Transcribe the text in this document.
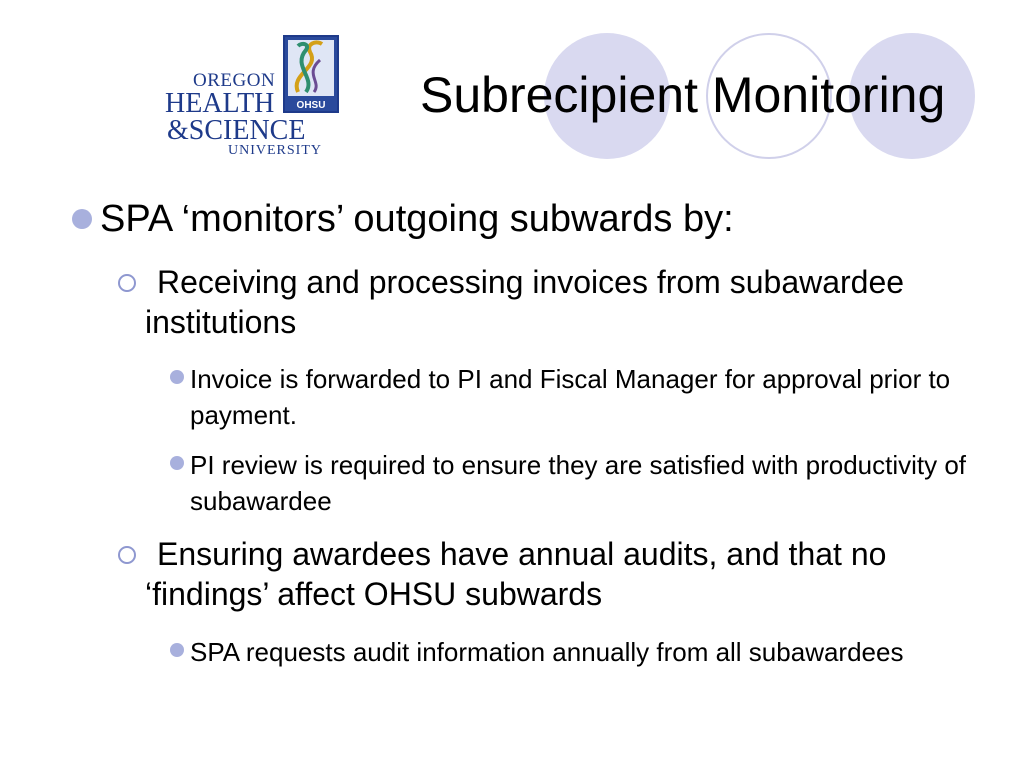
OHSU
OREGON
HEALTH
&SCIENCE
UNIVERSITY
Subrecipient Monitoring
SPA ‘monitors’ outgoing subwards by:
Receiving and processing invoices from subawardee institutions
Invoice is forwarded to PI and Fiscal Manager for approval prior to payment.
PI review is required to ensure they are satisfied with productivity of subawardee
Ensuring awardees have annual audits, and that no ‘findings’ affect OHSU subwards
SPA requests audit information annually from all subawardees
